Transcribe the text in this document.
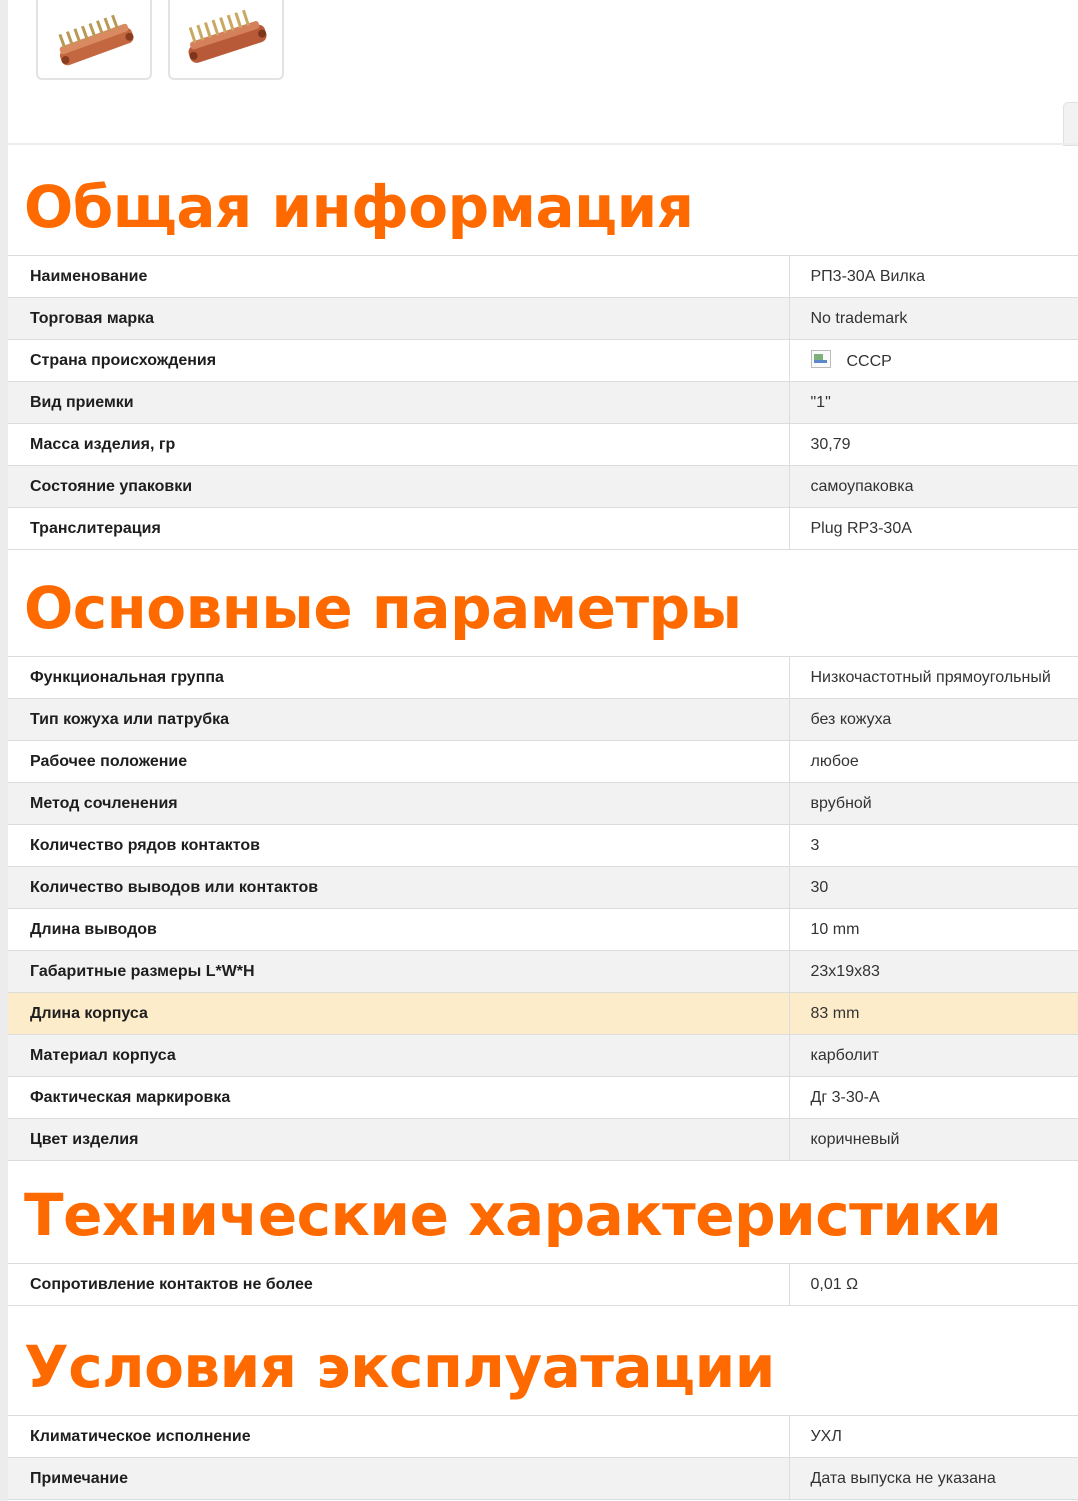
Общая информация
Наименование	РП3-30А Вилка
Торговая марка	No trademark
Страна происхождения	СССР
Вид приемки	"1"
Масса изделия, гр	30,79
Состояние упаковки	самоупаковка
Транслитерация	Plug RP3-30A
Основные параметры
Функциональная группа	Низкочастотный прямоугольный
Тип кожуха или патрубка	без кожуха
Рабочее положение	любое
Метод сочленения	врубной
Количество рядов контактов	3
Количество выводов или контактов	30
Длина выводов	10 mm
Габаритные размеры L*W*H	23x19x83
Длина корпуса	83 mm
Материал корпуса	карболит
Фактическая маркировка	Дг 3-30-А
Цвет изделия	коричневый
Технические характеристики
Сопротивление контактов не более	0,01 Ω
Условия эксплуатации
Климатическое исполнение	УХЛ
Примечание	Дата выпуска не указана
